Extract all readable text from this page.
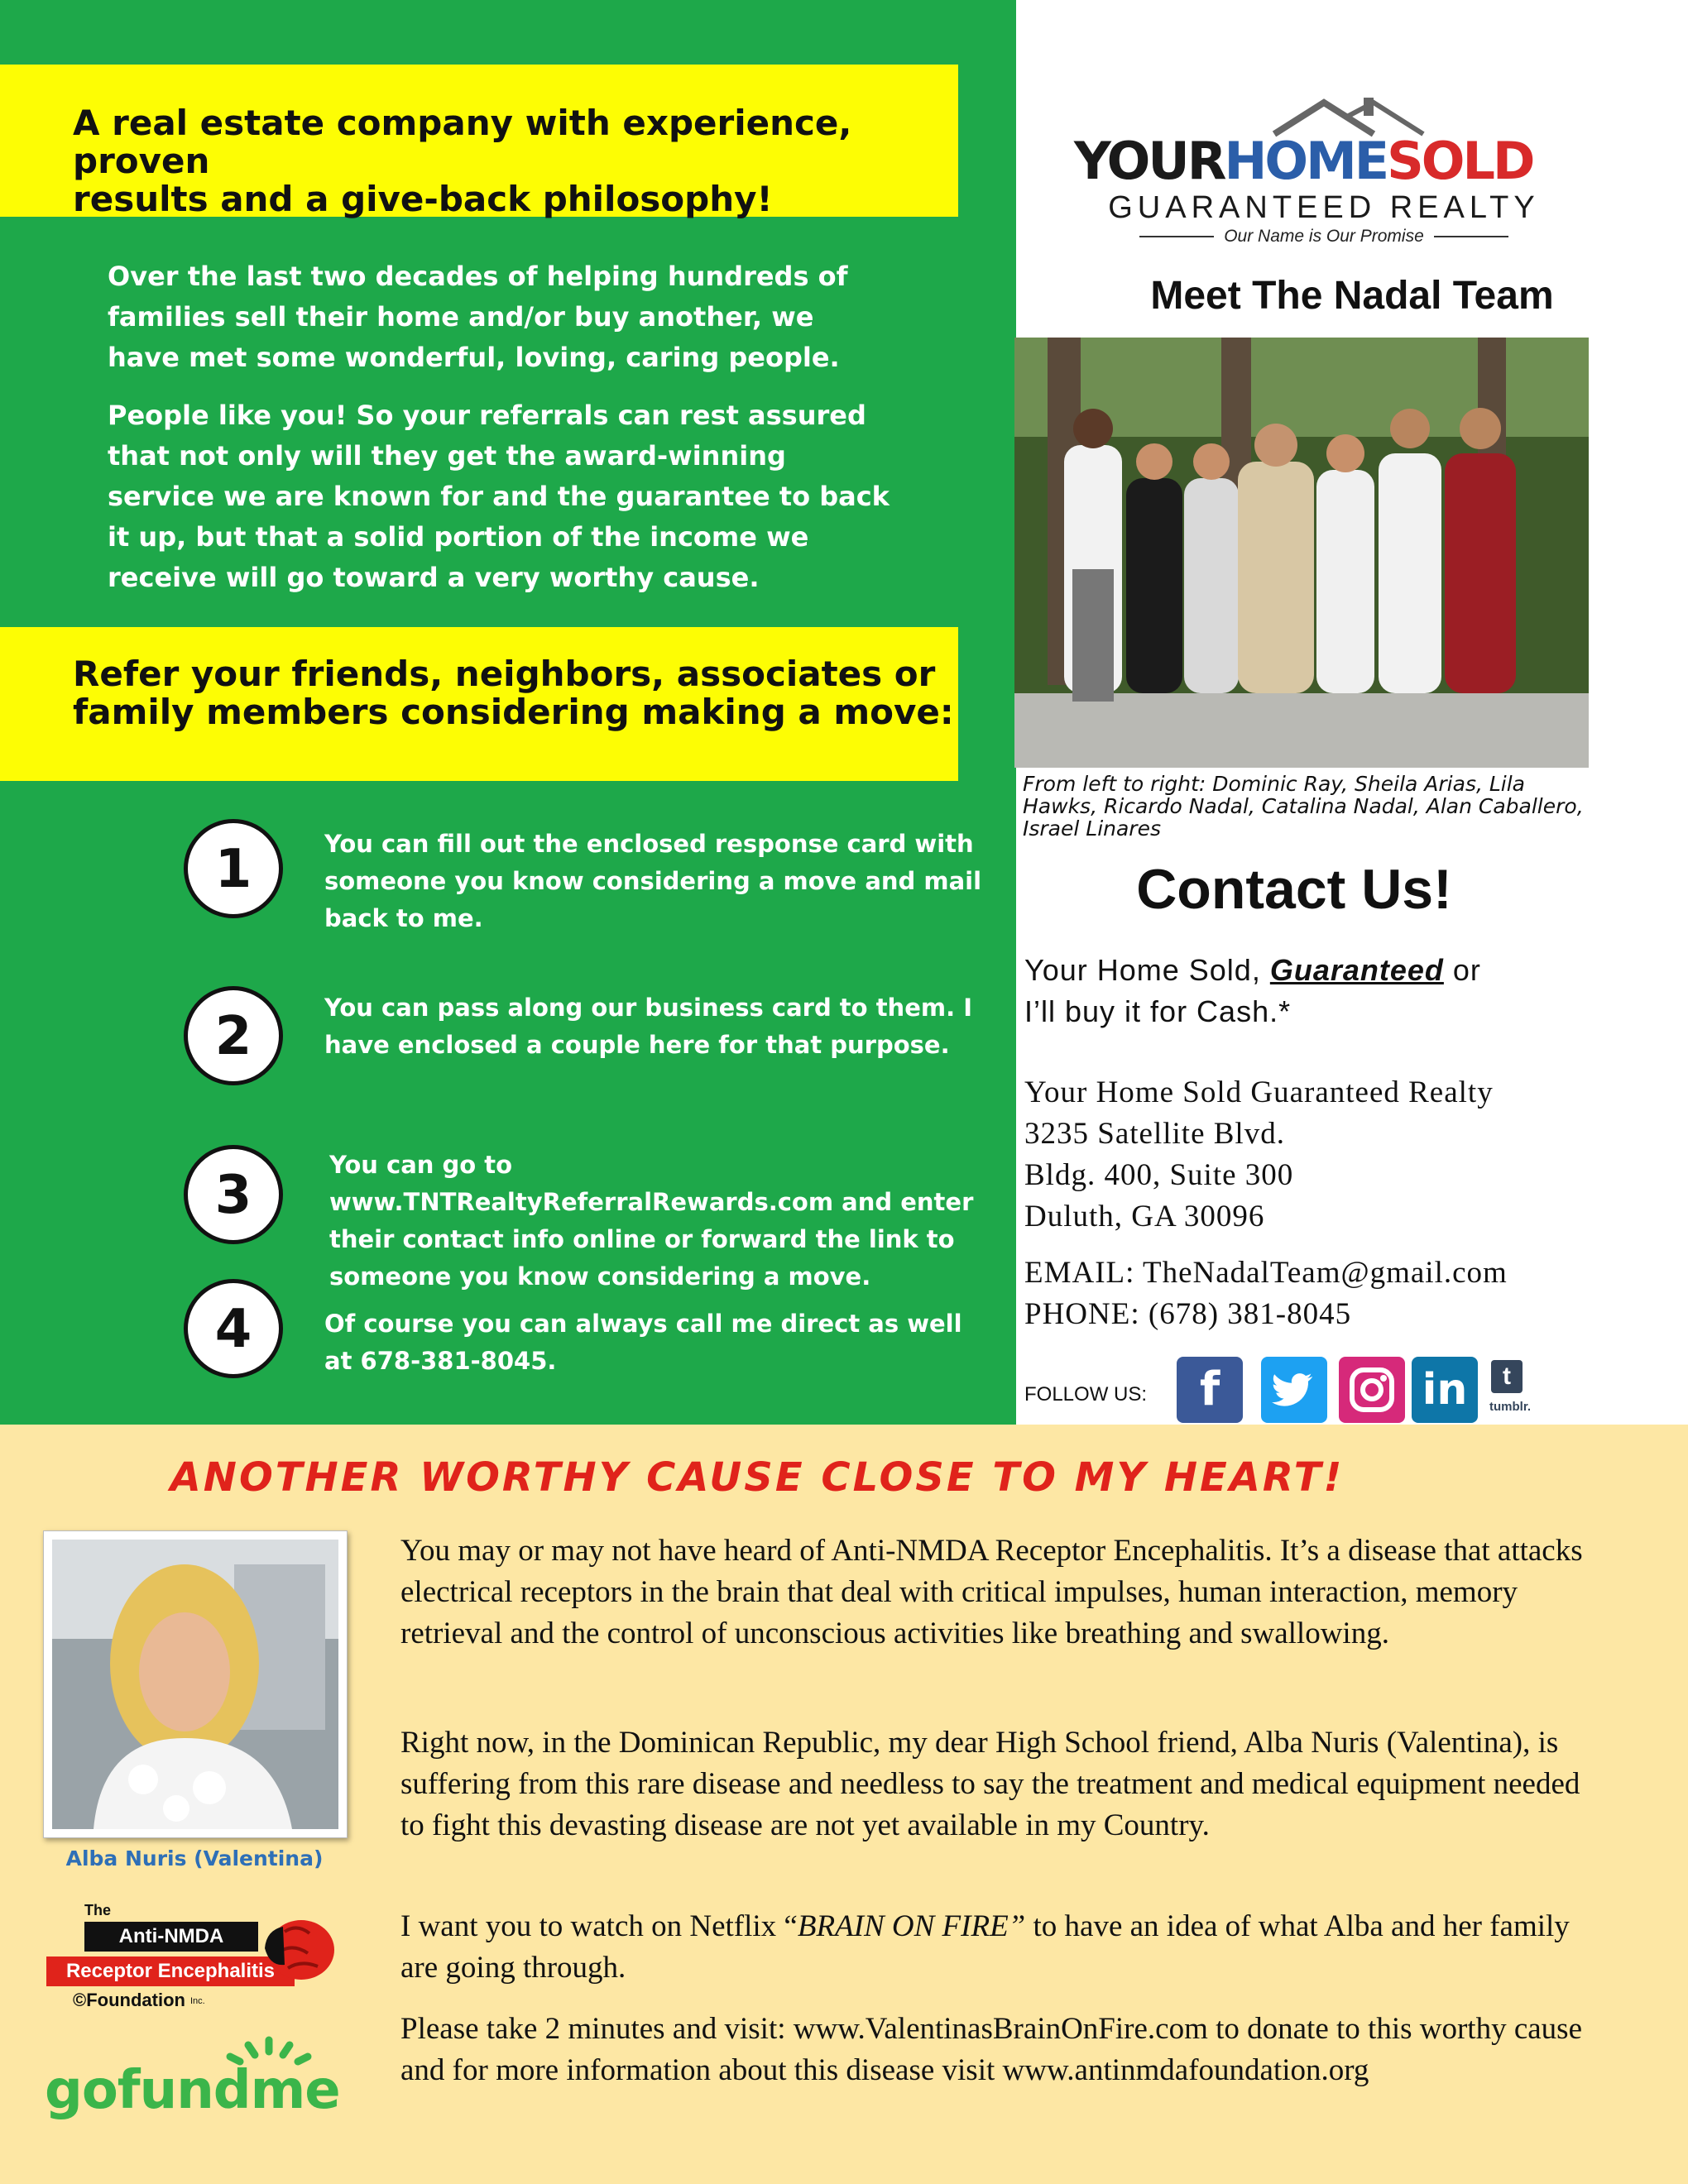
A real estate company with experience, proven
results and a give-back philosophy!
Over the last two decades of helping hundreds of families sell their home and/or buy another, we have met some wonderful, loving, caring people.
People like you! So your referrals can rest assured that not only will they get the award-winning service we are known for and the guarantee to back it up, but that a solid portion of the income we receive will go toward a very worthy cause.
Refer your friends, neighbors, associates or
family members considering making a move:
1	You can fill out the enclosed response card with someone you know considering a move and mail back to me.
2	You can pass along our business card to them. I have enclosed a couple here for that purpose.
3	You can go to www.TNTRealtyReferralRewards.com and enter their contact info online or forward the link to someone you know considering a move.
4	Of course you can always call me direct as well at 678-381-8045.
YOURHOMESOLD
GUARANTEED REALTY
Our Name is Our Promise
Meet The Nadal Team
From left to right: Dominic Ray, Sheila Arias, Lila Hawks, Ricardo Nadal, Catalina Nadal, Alan Caballero, Israel Linares
Contact Us!
Your Home Sold, Guaranteed or
I’ll buy it for Cash.*
Your Home Sold Guaranteed Realty
3235 Satellite Blvd.
Bldg. 400, Suite 300
Duluth, GA 30096
EMAIL: TheNadalTeam@gmail.com
PHONE: (678) 381-8045
FOLLOW US:	f	in	t
tumblr.
ANOTHER WORTHY CAUSE CLOSE TO MY HEART!
Alba Nuris (Valentina)
You may or may not have heard of Anti-NMDA Receptor Encephalitis. It’s a disease that attacks electrical receptors in the brain that deal with critical impulses, human interaction, memory retrieval and the control of unconscious activities like breathing and swallowing.
Right now, in the Dominican Republic, my dear High School friend, Alba Nuris (Valentina), is suffering from this rare disease and needless to say the treatment and medical equipment needed to fight this devasting disease are not yet available in my Country.
I want you to watch on Netflix “BRAIN ON FIRE” to have an idea of what Alba and her family are going through.
Please take 2 minutes and visit: www.ValentinasBrainOnFire.com to donate to this worthy cause and for more information about this disease visit www.antinmdafoundation.org
The
Anti-NMDA
Receptor Encephalitis
©Foundation Inc.
gofundme
